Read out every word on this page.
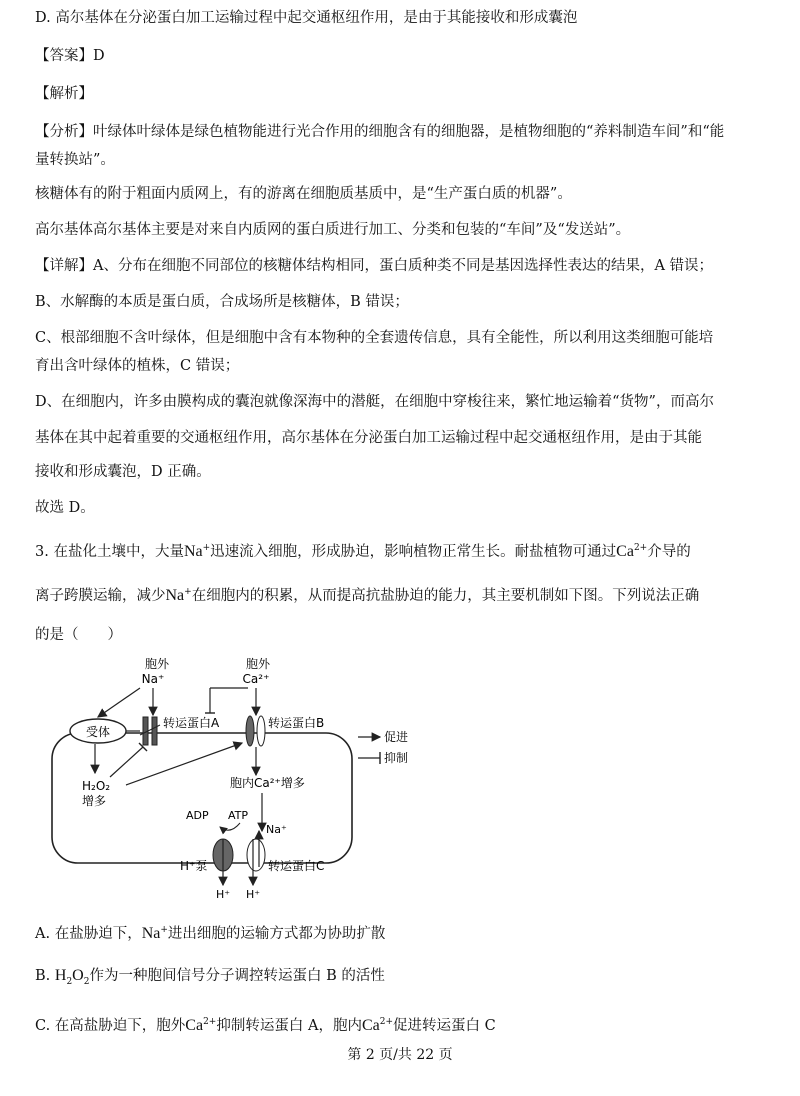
D. 高尔基体在分泌蛋白加工运输过程中起交通枢纽作用，是由于其能接收和形成囊泡
【答案】D
【解析】
【分析】叶绿体叶绿体是绿色植物能进行光合作用的细胞含有的细胞器，是植物细胞的“养料制造车间”和“能
量转换站”。
核糖体有的附于粗面内质网上，有的游离在细胞质基质中，是“生产蛋白质的机器”。
高尔基体高尔基体主要是对来自内质网的蛋白质进行加工、分类和包装的“车间”及“发送站”。
【详解】A、分布在细胞不同部位的核糖体结构相同，蛋白质种类不同是基因选择性表达的结果，A 错误；
B、水解酶的本质是蛋白质，合成场所是核糖体，B 错误；
C、根部细胞不含叶绿体，但是细胞中含有本物种的全套遗传信息，具有全能性，所以利用这类细胞可能培
育出含叶绿体的植株，C 错误；
D、在细胞内，许多由膜构成的囊泡就像深海中的潜艇，在细胞中穿梭往来，繁忙地运输着“货物”，而高尔
基体在其中起着重要的交通枢纽作用，高尔基体在分泌蛋白加工运输过程中起交通枢纽作用，是由于其能
接收和形成囊泡，D 正确。
故选 D。
3. 在盐化土壤中，大量Na+迅速流入细胞，形成胁迫，影响植物正常生长。耐盐植物可通过$Ca^{2+}$介导的
离子跨膜运输，减少Na+在细胞内的积累，从而提高抗盐胁迫的能力，其主要机制如下图。下列说法正确
的是（　　）
胞外
Na⁺
胞外
Ca²⁺
受体
转运蛋白A	转运蛋白B
H₂O₂
增多
胞内Ca²⁺增多
ADP ATP
H⁺泵
H⁺
Na⁺
H⁺
转运蛋白C
促进
抑制
A. 在盐胁迫下，Na+进出细胞的运输方式都为协助扩散
B. $H_2O_2$作为一种胞间信号分子调控转运蛋白 B 的活性
C. 在高盐胁迫下，胞外$Ca^{2+}$抑制转运蛋白 A，胞内$Ca^{2+}$促进转运蛋白 C
第 2 页/共 22 页
